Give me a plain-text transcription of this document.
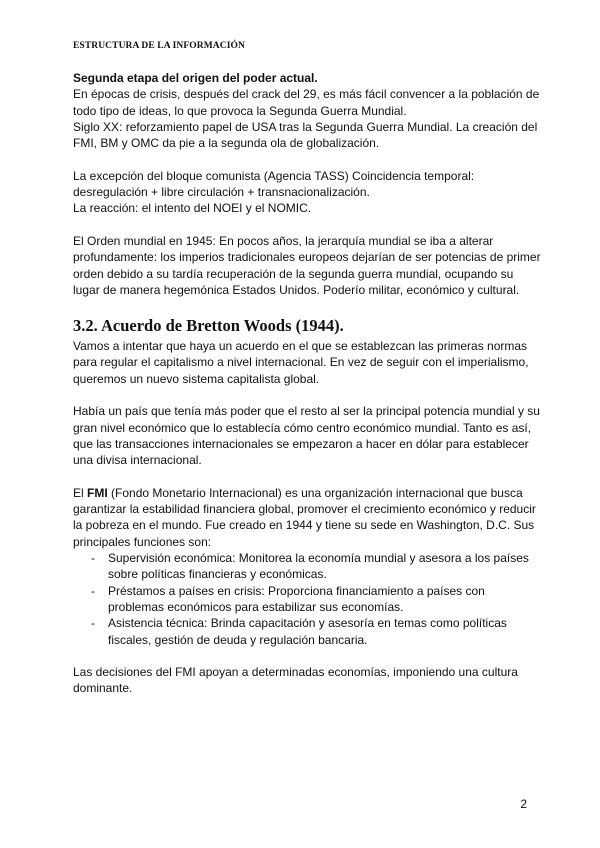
ESTRUCTURA DE LA INFORMACIÓN
Segunda etapa del origen del poder actual.

En épocas de crisis, después del crack del 29, es más fácil convencer a la población de todo tipo de ideas, lo que provoca la Segunda Guerra Mundial.

Siglo XX: reforzamiento papel de USA tras la Segunda Guerra Mundial. La creación del FMI, BM y OMC da pie a la segunda ola de globalización.

La excepción del bloque comunista (Agencia TASS) Coincidencia temporal: desregulación + libre circulación + transnacionalización.

La reacción: el intento del NOEI y el NOMIC.

El Orden mundial en 1945: En pocos años, la jerarquía mundial se iba a alterar profundamente: los imperios tradicionales europeos dejarían de ser potencias de primer orden debido a su tardía recuperación de la segunda guerra mundial, ocupando su lugar de manera hegemónica Estados Unidos. Poderío militar, económico y cultural.

3.2. Acuerdo de Bretton Woods (1944).

Vamos a intentar que haya un acuerdo en el que se establezcan las primeras normas para regular el capitalismo a nivel internacional. En vez de seguir con el imperialismo, queremos un nuevo sistema capitalista global.

Había un país que tenía más poder que el resto al ser la principal potencia mundial y su gran nivel económico que lo establecía cómo centro económico mundial. Tanto es así, que las transacciones internacionales se empezaron a hacer en dólar para establecer una divisa internacional.

El FMI (Fondo Monetario Internacional) es una organización internacional que busca garantizar la estabilidad financiera global, promover el crecimiento económico y reducir la pobreza en el mundo. Fue creado en 1944 y tiene su sede en Washington, D.C. Sus principales funciones son:

- Supervisión económica: Monitorea la economía mundial y asesora a los países sobre políticas financieras y económicas.
- Préstamos a países en crisis: Proporciona financiamiento a países con problemas económicos para estabilizar sus economías.
- Asistencia técnica: Brinda capacitación y asesoría en temas como políticas fiscales, gestión de deuda y regulación bancaria.

Las decisiones del FMI apoyan a determinadas economías, imponiendo una cultura dominante.

2
